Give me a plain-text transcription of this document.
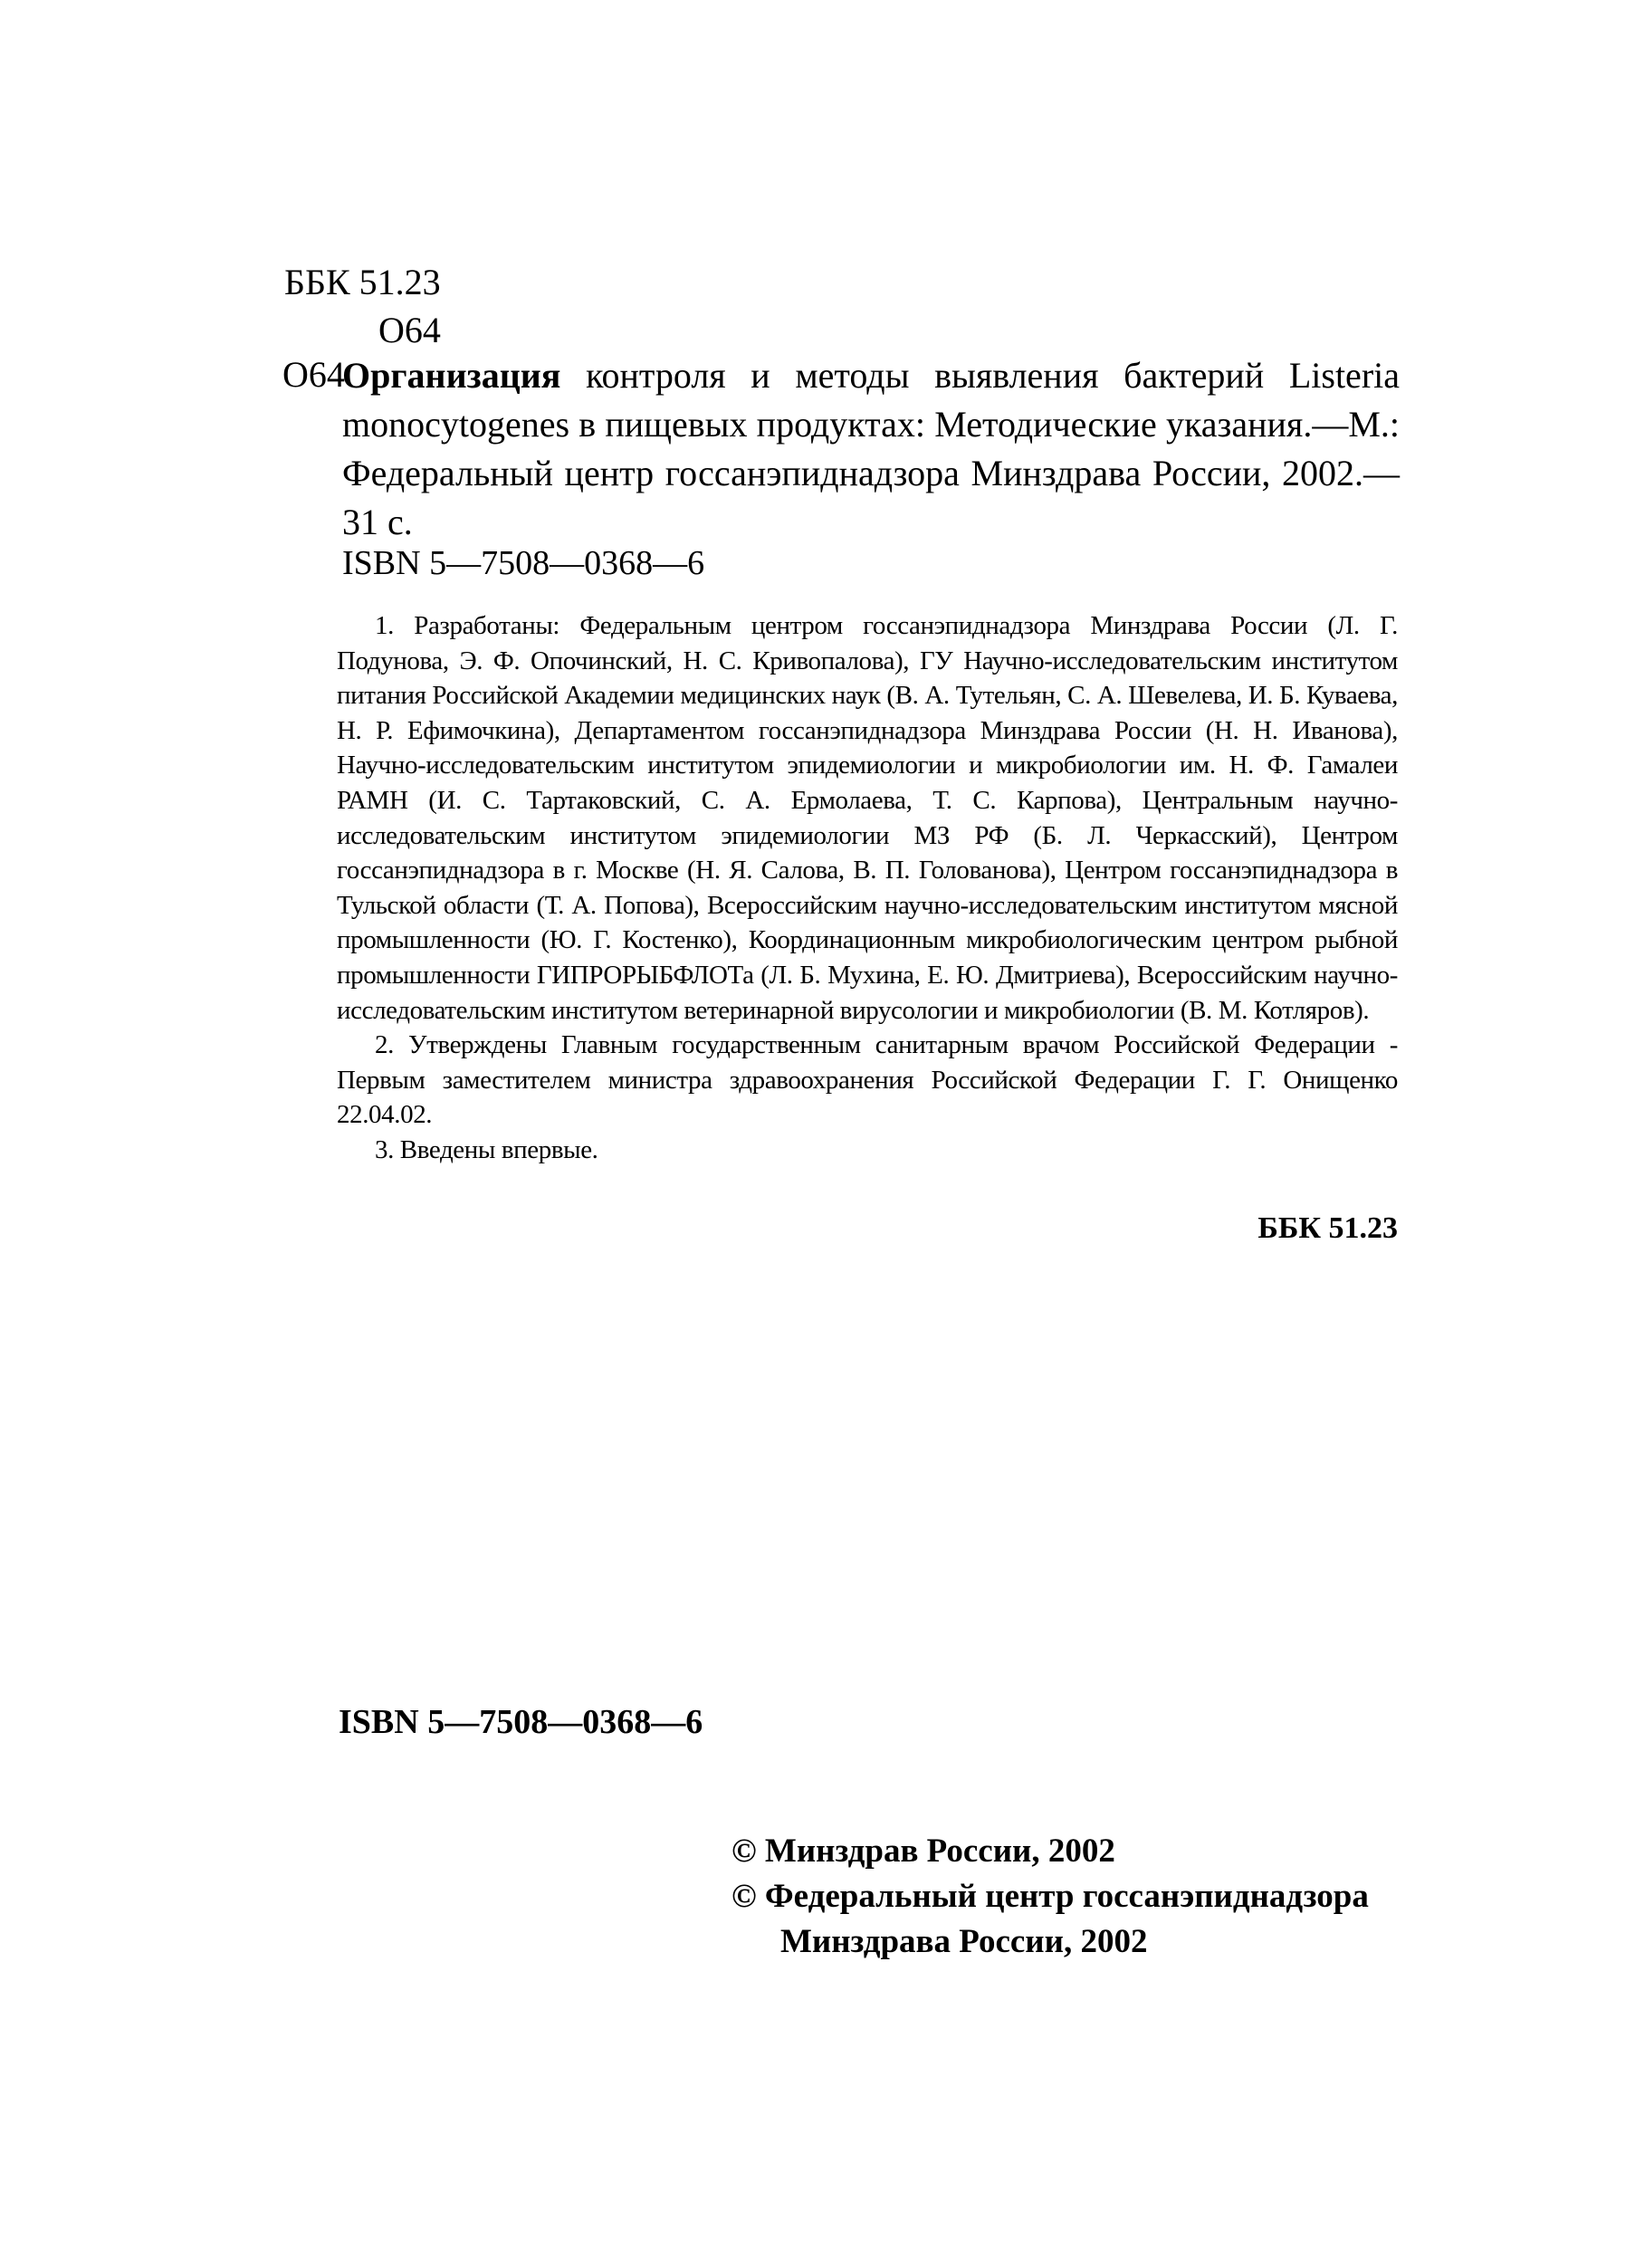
ББК 51.23
О64
О64
Организация контроля и методы выявления бактерий Listeria monocytogenes в пищевых продуктах: Методические указания.—М.: Федеральный центр госсанэпиднадзора Минздрава России, 2002.—31 с.
ISBN 5—7508—0368—6

1. Разработаны: Федеральным центром госсанэпиднадзора Минздрава России (Л. Г. Подунова, Э. Ф. Опочинский, Н. С. Кривопалова), ГУ Научно-исследовательским институтом питания Российской Академии медицинских наук (В. А. Тутельян, С. А. Шевелева, И. Б. Куваева, Н. Р. Ефимочкина), Департаментом госсанэпиднадзора Минздрава России (Н. Н. Иванова), Научно-исследовательским институтом эпидемиологии и микробиологии им. Н. Ф. Гамалеи РАМН (И. С. Тартаковский, С. А. Ермолаева, Т. С. Карпова), Центральным научно-исследовательским институтом эпидемиологии МЗ РФ (Б. Л. Черкасский), Центром госсанэпиднадзора в г. Москве (Н. Я. Салова, В. П. Голованова), Центром госсанэпиднадзора в Тульской области (Т. А. Попова), Всероссийским научно-исследовательским институтом мясной промышленности (Ю. Г. Костенко), Координационным микробиологическим центром рыбной промышленности ГИПРОРЫБФЛОТа (Л. Б. Мухина, Е. Ю. Дмитриева), Всероссийским научно-исследовательским институтом ветеринарной вирусологии и микробиологии (В. М. Котляров).

2. Утверждены Главным государственным санитарным врачом Российской Федерации - Первым заместителем министра здравоохранения Российской Федерации Г. Г. Онищенко 22.04.02.

3. Введены впервые.

ББК 51.23
ISBN 5—7508—0368—6
© Минздрав России, 2002
© Федеральный центр госсанэпиднадзора
Минздрава России, 2002
